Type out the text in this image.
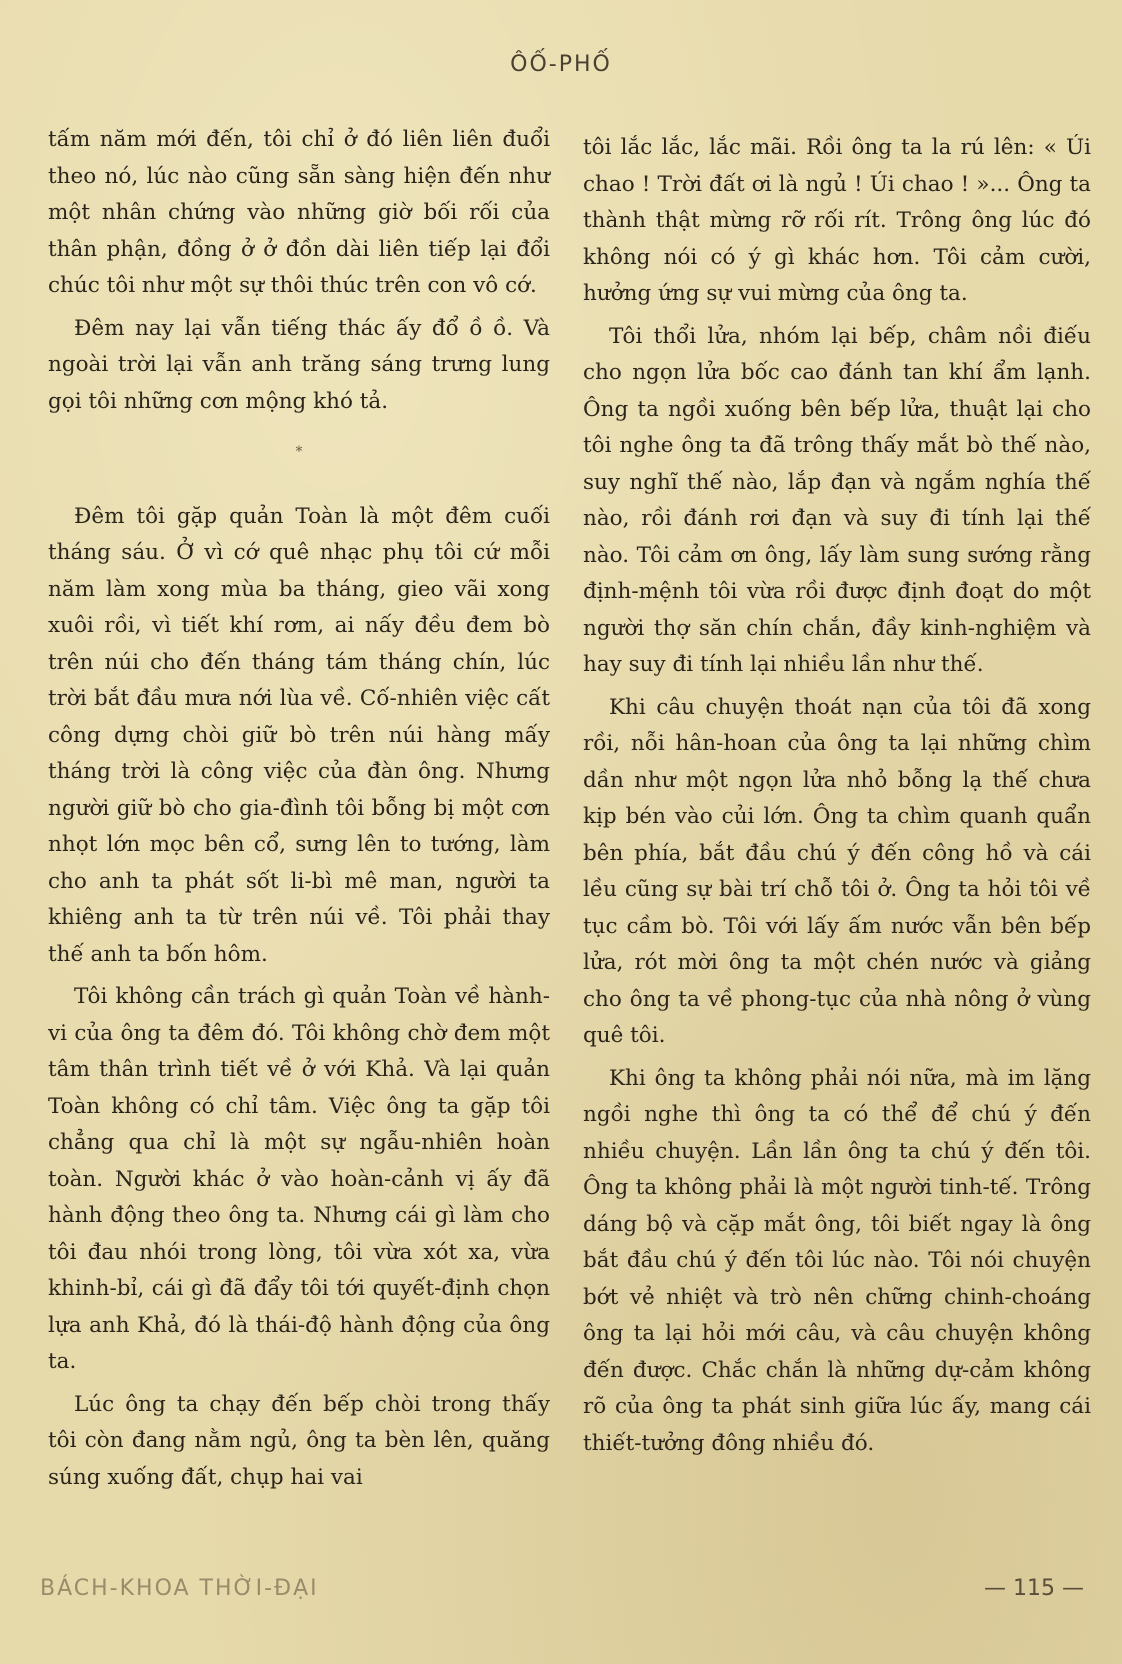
ÔỐ-PHỐ

tấm năm mới đến, tôi chỉ ở đó liên liên đuổi theo nó, lúc nào cũng sẵn sàng hiện đến như một nhân chứng vào những giờ bối rối của thân phận, đồng ở ở đồn dài liên tiếp lại đổi chúc tôi như một sự thôi thúc trên con vô cớ.

Đêm nay lại vẫn tiếng thác ấy đổ ồ ồ. Và ngoài trời lại vẫn anh trăng sáng trưng lung gọi tôi những cơn mộng khó tả.

*

Đêm tôi gặp quản Toàn là một đêm cuối tháng sáu. Ở vì cớ quê nhạc phụ tôi cứ mỗi năm làm xong mùa ba tháng, gieo vãi xong xuôi rồi, vì tiết khí rơm, ai nấy đều đem bò trên núi cho đến tháng tám tháng chín, lúc trời bắt đầu mưa nới lùa về. Cố-nhiên việc cất công dựng chòi giữ bò trên núi hàng mấy tháng trời là công việc của đàn ông. Nhưng người giữ bò cho gia-đình tôi bỗng bị một cơn nhọt lớn mọc bên cổ, sưng lên to tướng, làm cho anh ta phát sốt li-bì mê man, người ta khiêng anh ta từ trên núi về. Tôi phải thay thế anh ta bốn hôm.

Tôi không cần trách gì quản Toàn về hành-vi của ông ta đêm đó. Tôi không chờ đem một tâm thân trình tiết về ở với Khả. Và lại quản Toàn không có chỉ tâm. Việc ông ta gặp tôi chẳng qua chỉ là một sự ngẫu-nhiên hoàn toàn. Người khác ở vào hoàn-cảnh vị ấy đã hành động theo ông ta. Nhưng cái gì làm cho tôi đau nhói trong lòng, tôi vừa xót xa, vừa khinh-bỉ, cái gì đã đẩy tôi tới quyết-định chọn lựa anh Khả, đó là thái-độ hành động của ông ta.

Lúc ông ta chạy đến bếp chòi trong thấy tôi còn đang nằm ngủ, ông ta bèn lên, quăng súng xuống đất, chụp hai vai

tôi lắc lắc, lắc mãi. Rồi ông ta la rú lên: « Úi chao ! Trời đất ơi là ngủ ! Úi chao ! »... Ông ta thành thật mừng rỡ rối rít. Trông ông lúc đó không nói có ý gì khác hơn. Tôi cảm cười, hưởng ứng sự vui mừng của ông ta.

Tôi thổi lửa, nhóm lại bếp, châm nồi điếu cho ngọn lửa bốc cao đánh tan khí ẩm lạnh. Ông ta ngồi xuống bên bếp lửa, thuật lại cho tôi nghe ông ta đã trông thấy mắt bò thế nào, suy nghĩ thế nào, lắp đạn và ngắm nghía thế nào, rồi đánh rơi đạn và suy đi tính lại thế nào. Tôi cảm ơn ông, lấy làm sung sướng rằng định-mệnh tôi vừa rồi được định đoạt do một người thợ săn chín chắn, đầy kinh-nghiệm và hay suy đi tính lại nhiều lần như thế.

Khi câu chuyện thoát nạn của tôi đã xong rồi, nỗi hân-hoan của ông ta lại những chìm dần như một ngọn lửa nhỏ bỗng lạ thế chưa kịp bén vào củi lớn. Ông ta chìm quanh quẩn bên phía, bắt đầu chú ý đến công hồ và cái lều cũng sự bài trí chỗ tôi ở. Ông ta hỏi tôi về tục cầm bò. Tôi với lấy ấm nước vẫn bên bếp lửa, rót mời ông ta một chén nước và giảng cho ông ta về phong-tục của nhà nông ở vùng quê tôi.

Khi ông ta không phải nói nữa, mà im lặng ngồi nghe thì ông ta có thể để chú ý đến nhiều chuyện. Lần lần ông ta chú ý đến tôi. Ông ta không phải là một người tinh-tế. Trông dáng bộ và cặp mắt ông, tôi biết ngay là ông bắt đầu chú ý đến tôi lúc nào. Tôi nói chuyện bớt vẻ nhiệt và trò nên chững chinh-choáng ông ta lại hỏi mới câu, và câu chuyện không đến được. Chắc chắn là những dự-cảm không rõ của ông ta phát sinh giữa lúc ấy, mang cái thiết-tưởng đông nhiều đó.

BÁCH-KHOA THỜI-ĐẠI	— 115 —
